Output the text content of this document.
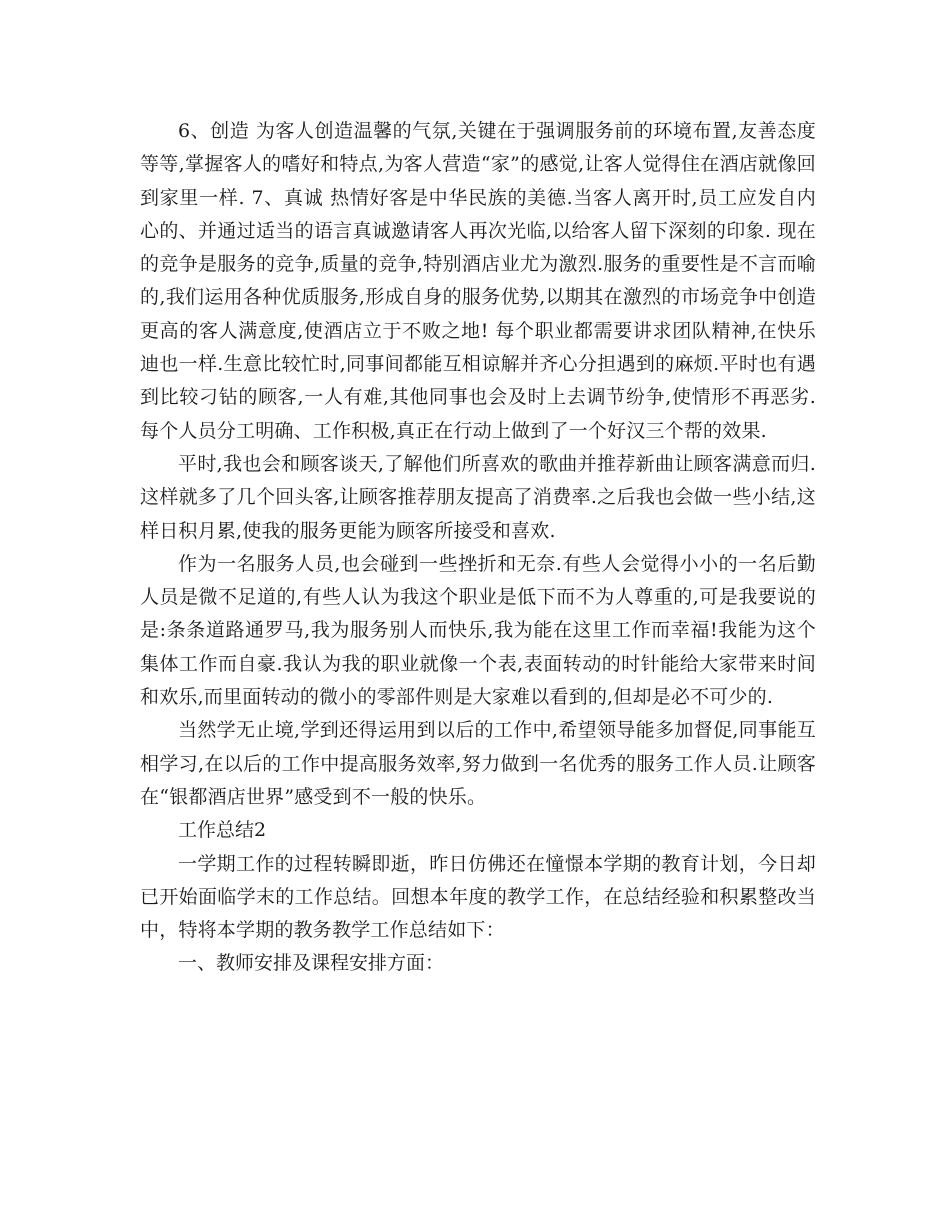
6、创造 为客人创造温馨的气氛,关键在于强调服务前的环境布置,友善态度等等,掌握客人的嗜好和特点,为客人营造“家”的感觉,让客人觉得住在酒店就像回到家里一样. 7、真诚 热情好客是中华民族的美德.当客人离开时,员工应发自内心的、并通过适当的语言真诚邀请客人再次光临,以给客人留下深刻的印象. 现在的竞争是服务的竞争,质量的竞争,特别酒店业尤为激烈.服务的重要性是不言而喻的,我们运用各种优质服务,形成自身的服务优势,以期其在激烈的市场竞争中创造更高的客人满意度,使酒店立于不败之地! 每个职业都需要讲求团队精神,在快乐迪也一样.生意比较忙时,同事间都能互相谅解并齐心分担遇到的麻烦.平时也有遇到比较刁钻的顾客,一人有难,其他同事也会及时上去调节纷争,使情形不再恶劣.每个人员分工明确、工作积极,真正在行动上做到了一个好汉三个帮的效果.

平时,我也会和顾客谈天,了解他们所喜欢的歌曲并推荐新曲让顾客满意而归.这样就多了几个回头客,让顾客推荐朋友提高了消费率.之后我也会做一些小结,这样日积月累,使我的服务更能为顾客所接受和喜欢.

作为一名服务人员,也会碰到一些挫折和无奈.有些人会觉得小小的一名后勤人员是微不足道的,有些人认为我这个职业是低下而不为人尊重的,可是我要说的是:条条道路通罗马,我为服务别人而快乐,我为能在这里工作而幸福!我能为这个集体工作而自豪.我认为我的职业就像一个表,表面转动的时针能给大家带来时间和欢乐,而里面转动的微小的零部件则是大家难以看到的,但却是必不可少的.

当然学无止境,学到还得运用到以后的工作中,希望领导能多加督促,同事能互相学习,在以后的工作中提高服务效率,努力做到一名优秀的服务工作人员.让顾客在“银都酒店世界”感受到不一般的快乐。

工作总结2

一学期工作的过程转瞬即逝，昨日仿佛还在憧憬本学期的教育计划，今日却已开始面临学末的工作总结。回想本年度的教学工作，在总结经验和积累整改当中，特将本学期的教务教学工作总结如下：

一、教师安排及课程安排方面：
